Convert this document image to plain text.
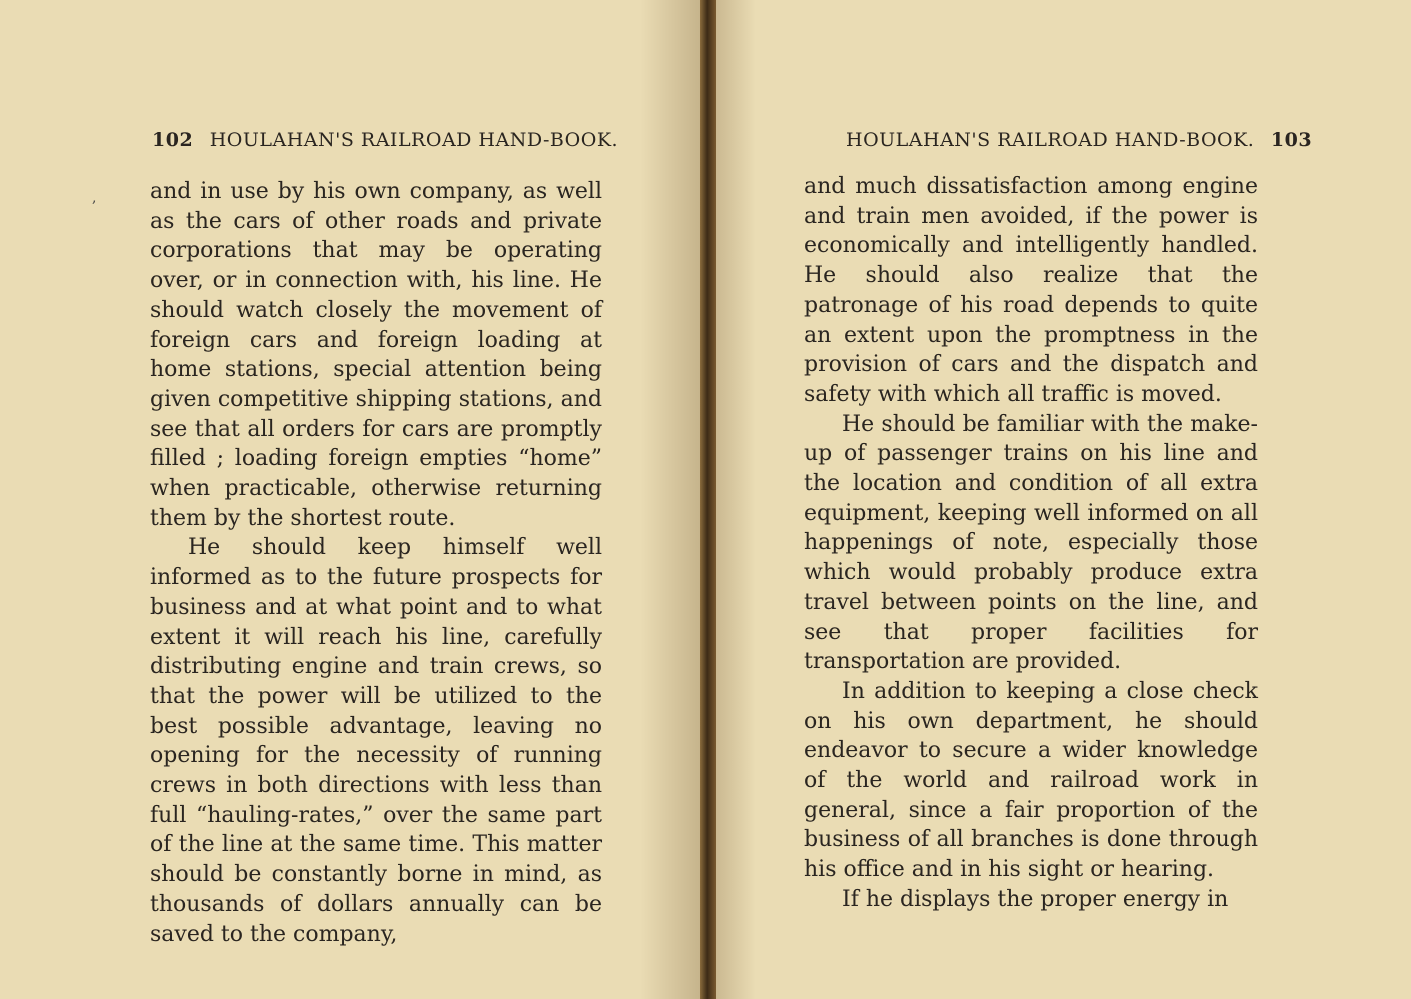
102 HOULAHAN'S RAILROAD HAND-BOOK.
, and in use by his own company, as well as the cars of other roads and private corporations that may be operating over, or in connection with, his line. He should watch closely the movement of foreign cars and foreign loading at home stations, special attention being given competitive shipping stations, and see that all orders for cars are promptly filled ; loading foreign empties “home” when practicable, otherwise returning them by the shortest route.

He should keep himself well informed as to the future prospects for business and at what point and to what extent it will reach his line, carefully distributing engine and train crews, so that the power will be utilized to the best possible advantage, leaving no opening for the necessity of running crews in both directions with less than full “hauling-rates,” over the same part of the line at the same time. This matter should be constantly borne in mind, as thousands of dollars annually can be saved to the company,

HOULAHAN'S RAILROAD HAND-BOOK. 103

and much dissatisfaction among engine and train men avoided, if the power is economically and intelligently handled. He should also realize that the patronage of his road depends to quite an extent upon the promptness in the provision of cars and the dispatch and safety with which all traffic is moved.

He should be familiar with the make-up of passenger trains on his line and the location and condition of all extra equipment, keeping well informed on all happenings of note, especially those which would probably produce extra travel between points on the line, and see that proper facilities for transportation are provided.

In addition to keeping a close check on his own department, he should endeavor to secure a wider knowledge of the world and railroad work in general, since a fair proportion of the business of all branches is done through his office and in his sight or hearing.

If he displays the proper energy in
